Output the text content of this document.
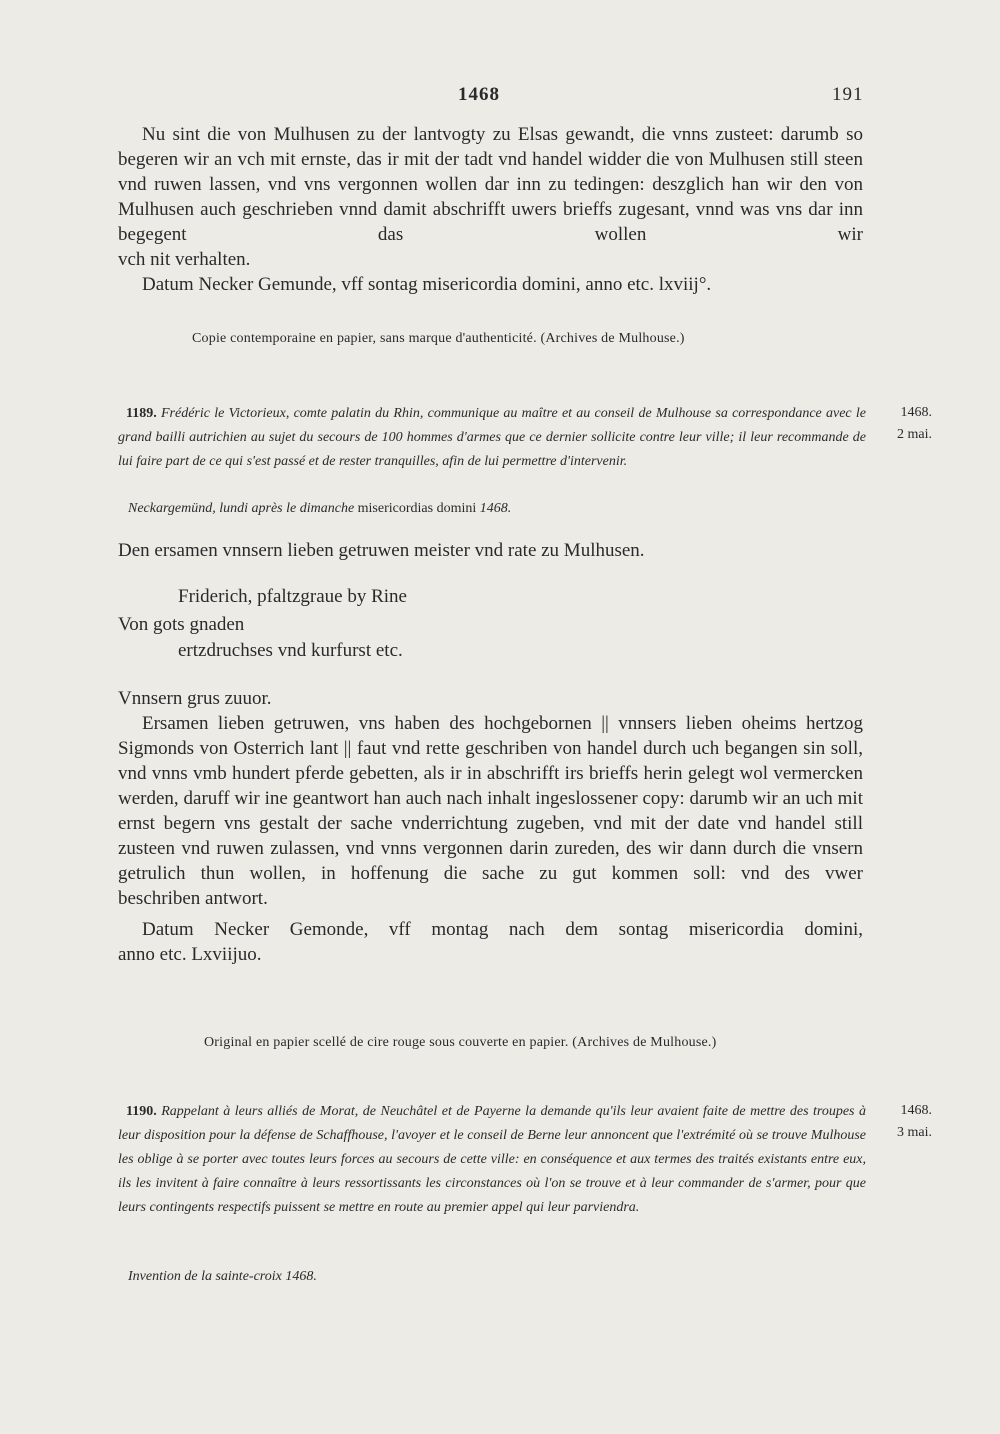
1468	191

Nu sint die von Mulhusen zu der lantvogty zu Elsas gewandt, die vnns zusteet: darumb so begeren wir an vch mit ernste, das ir mit der tadt vnd handel widder die von Mulhusen still steen vnd ruwen lassen, vnd vns vergonnen wollen dar inn zu tedingen: deszglich han wir den von Mulhusen auch geschrieben vnnd damit abschrifft uwers brieffs zugesant, vnnd was vns dar inn begegent das wollen wir

vch nit verhalten.

Datum Necker Gemunde, vff sontag misericordia domini, anno etc. lxviij°.

Copie contemporaine en papier, sans marque d'authenticité. (Archives de Mulhouse.)
1189. Frédéric le Victorieux, comte palatin du Rhin, communique au maître et au conseil de Mulhouse sa correspondance avec le grand bailli autrichien au sujet du secours de 100 hommes d'armes que ce dernier sollicite contre leur ville; il leur recommande de lui faire part de ce qui s'est passé et de rester tranquilles, afin de lui permettre d'intervenir.
1468.
2 mai.
Neckargemünd, lundi après le dimanche misericordias domini 1468.
Den ersamen vnnsern lieben getruwen meister vnd rate zu Mulhusen.
Friderich, pfaltzgraue by Rine
Von gots gnaden
ertzdruchses vnd kurfurst etc.

Vnnsern grus zuuor.

Ersamen lieben getruwen, vns haben des hochgebornen || vnnsers lieben oheims hertzog Sigmonds von Osterrich lant || faut vnd rette geschriben von handel durch uch begangen sin soll, vnd vnns vmb hundert pferde gebetten, als ir in abschrifft irs brieffs herin gelegt wol vermercken werden, daruff wir ine geantwort han auch nach inhalt ingeslossener copy: darumb wir an uch mit ernst begern vns gestalt der sache vnderrichtung zugeben, vnd mit der date vnd handel still zusteen vnd ruwen zulassen, vnd vnns vergonnen darin zureden, des wir dann durch die vnsern getrulich thun wollen, in hoffenung die sache zu gut kommen soll: vnd des vwer

beschriben antwort.

Datum Necker Gemonde, vff montag nach dem sontag misericordia domini,

anno etc. Lxviijuo.

Original en papier scellé de cire rouge sous couverte en papier. (Archives de Mulhouse.)
1190. Rappelant à leurs alliés de Morat, de Neuchâtel et de Payerne la demande qu'ils leur avaient faite de mettre des troupes à leur disposition pour la défense de Schaffhouse, l'avoyer et le conseil de Berne leur annoncent que l'extrémité où se trouve Mulhouse les oblige à se porter avec toutes leurs forces au secours de cette ville: en conséquence et aux termes des traités existants entre eux, ils les invitent à faire connaître à leurs ressortissants les circonstances où l'on se trouve et à leur commander de s'armer, pour que leurs contingents respectifs puissent se mettre en route au premier appel qui leur parviendra.
1468.
3 mai.
Invention de la sainte-croix 1468.
